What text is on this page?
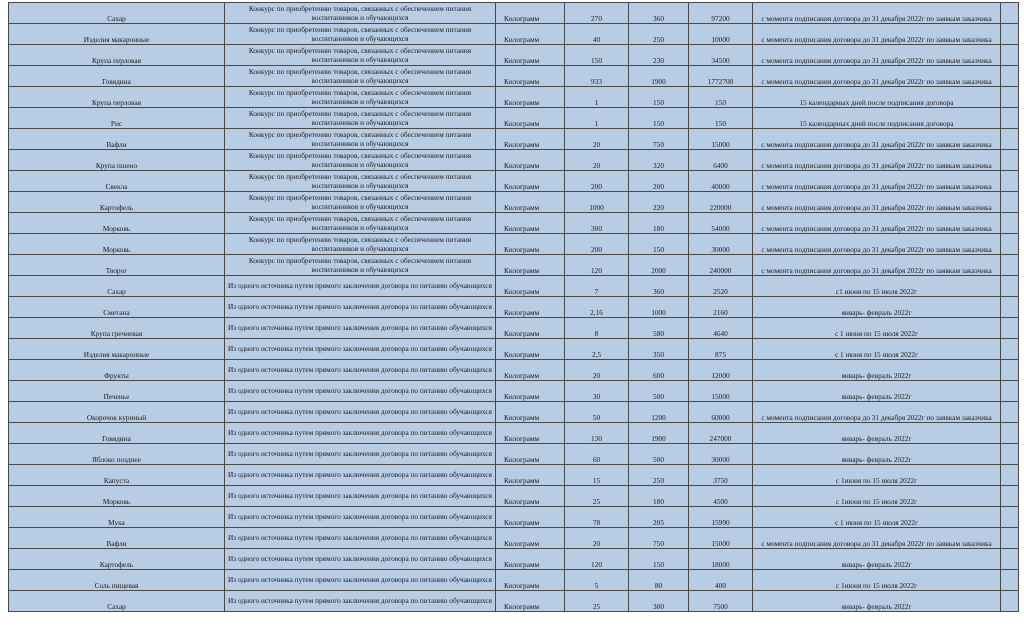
Сахар	Конкурс по приобретению товаров, связанных с обеспечением питания воспитанников и обучающихся	Килограмм	270	360	97200	с момента подписания договора до 31 декабря 2022г по заявкам заказчика	
Изделия макаронные	Конкурс по приобретению товаров, связанных с обеспечением питания воспитанников и обучающихся	Килограмм	40	250	10000	с момента подписания договора до 31 декабря 2022г по заявкам заказчика	
Крупа перловая	Конкурс по приобретению товаров, связанных с обеспечением питания воспитанников и обучающихся	Килограмм	150	230	34500	с момента подписания договора до 31 декабря 2022г по заявкам заказчика	
Говядина	Конкурс по приобретению товаров, связанных с обеспечением питания воспитанников и обучающихся	Килограмм	933	1900	1772700	с момента подписания договора до 31 декабря 2022г по заявкам заказчика	
Крупа перловая	Конкурс по приобретению товаров, связанных с обеспечением питания воспитанников и обучающихся	Килограмм	1	150	150	15 календарных дней после подписания договора	
Рис	Конкурс по приобретению товаров, связанных с обеспечением питания воспитанников и обучающихся	Килограмм	1	150	150	15 календарных дней после подписания договора	
Вафли	Конкурс по приобретению товаров, связанных с обеспечением питания воспитанников и обучающихся	Килограмм	20	750	15000	с момента подписания договора до 31 декабря 2022г по заявкам заказчика	
Крупа пшено	Конкурс по приобретению товаров, связанных с обеспечением питания воспитанников и обучающихся	Килограмм	20	320	6400	с момента подписания договора до 31 декабря 2022г по заявкам заказчика	
Свекла	Конкурс по приобретению товаров, связанных с обеспечением питания воспитанников и обучающихся	Килограмм	200	200	40000	с момента подписания договора до 31 декабря 2022г по заявкам заказчика	
Картофель	Конкурс по приобретению товаров, связанных с обеспечением питания воспитанников и обучающихся	Килограмм	1000	220	220000	с момента подписания договора до 31 декабря 2022г по заявкам заказчика	
Морковь	Конкурс по приобретению товаров, связанных с обеспечением питания воспитанников и обучающихся	Килограмм	300	180	54000	с момента подписания договора до 31 декабря 2022г по заявкам заказчика	
Морковь	Конкурс по приобретению товаров, связанных с обеспечением питания воспитанников и обучающихся	Килограмм	200	150	30000	с момента подписания договора до 31 декабря 2022г по заявкам заказчика	
Творог	Конкурс по приобретению товаров, связанных с обеспечением питания воспитанников и обучающихся	Килограмм	120	2000	240000	с момента подписания договора до 31 декабря 2022г по заявкам заказчика	
Сахар	Из одного источника путем прямого заключения договора по питанию обучающихся	Килограмм	7	360	2520	с1 июня по 15 июля 2022г	
Сметана	Из одного источника путем прямого заключения договора по питанию обучающихся	Килограмм	2,16	1000	2160	январь- февраль 2022г	
Крупа гречневая	Из одного источника путем прямого заключения договора по питанию обучающихся	Килограмм	8	580	4640	с 1 июня по 15 июля 2022г	
Изделия макаронные	Из одного источника путем прямого заключения договора по питанию обучающихся	Килограмм	2,5	350	875	с 1 июня по 15 июля 2022г	
Фрукты	Из одного источника путем прямого заключения договора по питанию обучающихся	Килограмм	20	600	12000	январь- февраль 2022г	
Печенье	Из одного источника путем прямого заключения договора по питанию обучающихся	Килограмм	30	500	15000	январь- февраль 2022г	
Окорочок куриный	Из одного источника путем прямого заключения договора по питанию обучающихся	Килограмм	50	1200	60000	с момента подписания договора до 31 декабря 2022г по заявкам заказчика	
Говядина	Из одного источника путем прямого заключения договора по питанию обучающихся	Килограмм	130	1900	247000	январь- февраль 2022г	
Яблоко позднее	Из одного источника путем прямого заключения договора по питанию обучающихся	Килограмм	60	500	30000	январь- февраль 2022г	
Капуста	Из одного источника путем прямого заключения договора по питанию обучающихся	Килограмм	15	250	3750	с 1июня по 15 июля 2022г	
Морковь	Из одного источника путем прямого заключения договора по питанию обучающихся	Килограмм	25	180	4500	с 1июня по 15 июля 2022г	
Мука	Из одного источника путем прямого заключения договора по питанию обучающихся	Килограмм	78	205	15990	с 1 июня по 15 июля 2022г	
Вафли	Из одного источника путем прямого заключения договора по питанию обучающихся	Килограмм	20	750	15000	с момента подписания договора до 31 декабря 2022г по заявкам заказчика	
Картофель	Из одного источника путем прямого заключения договора по питанию обучающихся	Килограмм	120	150	18000	январь- февраль 2022г	
Соль пищевая	Из одного источника путем прямого заключения договора по питанию обучающихся	Килограмм	5	80	400	с 1июня по 15 июля 2022г	
Сахар	Из одного источника путем прямого заключения договора по питанию обучающихся	Килограмм	25	300	7500	январь- февраль 2022г	
